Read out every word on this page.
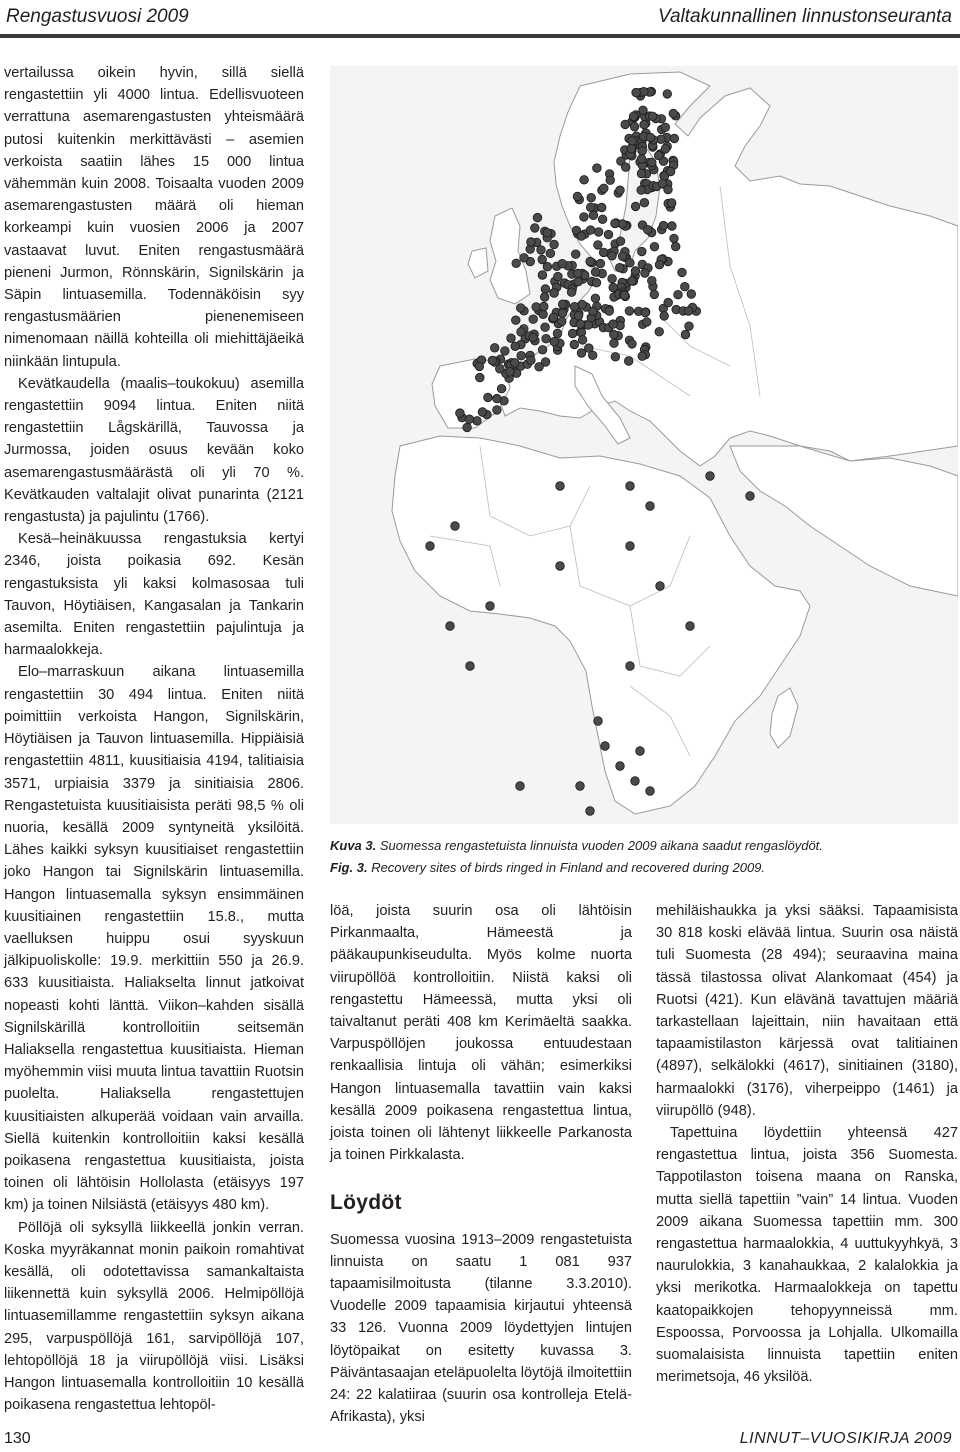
Rengastusvuosi 2009	Valtakunnallinen linnustonseuranta

vertailussa oikein hyvin, sillä siellä rengastettiin yli 4000 lintua. Edellisvuoteen verrattuna asemarengastusten yhteismäärä putosi kuitenkin merkittävästi – asemien verkoista saatiin lähes 15 000 lintua vähemmän kuin 2008. Toisaalta vuoden 2009 asemarengastusten määrä oli hieman korkeampi kuin vuosien 2006 ja 2007 vastaavat luvut. Eniten rengastusmäärä pieneni Jurmon, Rönnskärin, Signilskärin ja Säpin lintuasemilla. Todennäköisin syy rengastusmäärien pienenemiseen nimenomaan näillä kohteilla oli miehittäjäeikä niinkään lintupula.

Kevätkaudella (maalis–toukokuu) asemilla rengastettiin 9094 lintua. Eniten niitä rengastettiin Lågskärillä, Tauvossa ja Jurmossa, joiden osuus kevään koko asemarengastusmäärästä oli yli 70 %. Kevätkauden valtalajit olivat punarinta (2121 rengastusta) ja pajulintu (1766).

Kesä–heinäkuussa rengastuksia kertyi 2346, joista poikasia 692. Kesän rengastuksista yli kaksi kolmasosaa tuli Tauvon, Höytiäisen, Kangasalan ja Tankarin asemilta. Eniten rengastettiin pajulintuja ja harmaalokkeja.

Elo–marraskuun aikana lintuasemilla rengastettiin 30 494 lintua. Eniten niitä poimittiin verkoista Hangon, Signilskärin, Höytiäisen ja Tauvon lintuasemilla. Hippiäisiä rengastettiin 4811, kuusitiaisia 4194, talitiaisia 3571, urpiaisia 3379 ja sinitiaisia 2806. Rengastetuista kuusitiaisista peräti 98,5 % oli nuoria, kesällä 2009 syntyneitä yksilöitä. Lähes kaikki syksyn kuusitiaiset rengastettiin joko Hangon tai Signilskärin lintuasemilla. Hangon lintuasemalla syksyn ensimmäinen kuusitiainen rengastettiin 15.8., mutta vaelluksen huippu osui syyskuun jälkipuoliskolle: 19.9. merkittiin 550 ja 26.9. 633 kuusitiaista. Haliakselta linnut jatkoivat nopeasti kohti länttä. Viikon–kahden sisällä Signilskärillä kontrolloitiin seitsemän Haliaksella rengastettua kuusitiaista. Hieman myöhemmin viisi muuta lintua tavattiin Ruotsin puolelta. Haliaksella rengastettujen kuusitiaisten alkuperää voidaan vain arvailla. Siellä kuitenkin kontrolloitiin kaksi kesällä poikasena rengastettua kuusitiaista, joista toinen oli lähtöisin Hollolasta (etäisyys 197 km) ja toinen Nilsiästä (etäisyys 480 km).

Pöllöjä oli syksyllä liikkeellä jonkin verran. Koska myyräkannat monin paikoin romahtivat kesällä, oli odotettavissa samankaltaista liikennettä kuin syksyllä 2006. Helmipöllöjä lintuasemillamme rengastettiin syksyn aikana 295, varpuspöllöjä 161, sarvipöllöjä 107, lehtopöllöjä 18 ja viirupöllöjä viisi. Lisäksi Hangon lintuasemalla kontrolloitiin 10 kesällä poikasena rengastettua lehtopöl-

Kuva 3. Suomessa rengastetuista linnuista vuoden 2009 aikana saadut rengaslöydöt.
Fig. 3. Recovery sites of birds ringed in Finland and recovered during 2009.

löä, joista suurin osa oli lähtöisin Pirkanmaalta, Hämeestä ja pääkaupunkiseudulta. Myös kolme nuorta viirupöllöä kontrolloitiin. Niistä kaksi oli rengastettu Hämeessä, mutta yksi oli taivaltanut peräti 408 km Kerimäeltä saakka. Varpuspöllöjen joukossa entuudestaan renkaallisia lintuja oli vähän; esimerkiksi Hangon lintuasemalla tavattiin vain kaksi kesällä 2009 poikasena rengastettua lintua, joista toinen oli lähtenyt liikkeelle Parkanosta ja toinen Pirkkalasta.

Löydöt

Suomessa vuosina 1913–2009 rengastetuista linnuista on saatu 1 081 937 tapaamisilmoitusta (tilanne 3.3.2010). Vuodelle 2009 tapaamisia kirjautui yhteensä 33 126. Vuonna 2009 löydettyjen lintujen löytöpaikat on esitetty kuvassa 3. Päiväntasaajan eteläpuolelta löytöjä ilmoitettiin 24: 22 kalatiiraa (suurin osa kontrolleja Etelä-Afrikasta), yksi

mehiläishaukka ja yksi sääksi. Tapaamisista 30 818 koski elävää lintua. Suurin osa näistä tuli Suomesta (28 494); seuraavina maina tässä tilastossa olivat Alankomaat (454) ja Ruotsi (421). Kun elävänä tavattujen määriä tarkastellaan lajeittain, niin havaitaan että tapaamistilaston kärjessä ovat talitiainen (4897), selkälokki (4617), sinitiainen (3180), harmaalokki (3176), viherpeippo (1461) ja viirupöllö (948).

Tapettuina löydettiin yhteensä 427 rengastettua lintua, joista 356 Suomesta. Tappotilaston toisena maana on Ranska, mutta siellä tapettiin ”vain” 14 lintua. Vuoden 2009 aikana Suomessa tapettiin mm. 300 rengastettua harmaalokkia, 4 uuttukyyhkyä, 3 naurulokkia, 3 kanahaukkaa, 2 kalalokkia ja yksi merikotka. Harmaalokkeja on tapettu kaatopaikkojen tehopyynneissä mm. Espoossa, Porvoossa ja Lohjalla. Ulkomailla suomalaisista linnuista tapettiin eniten merimetsoja, 46 yksilöä.

130	LINNUT–VUOSIKIRJA 2009
